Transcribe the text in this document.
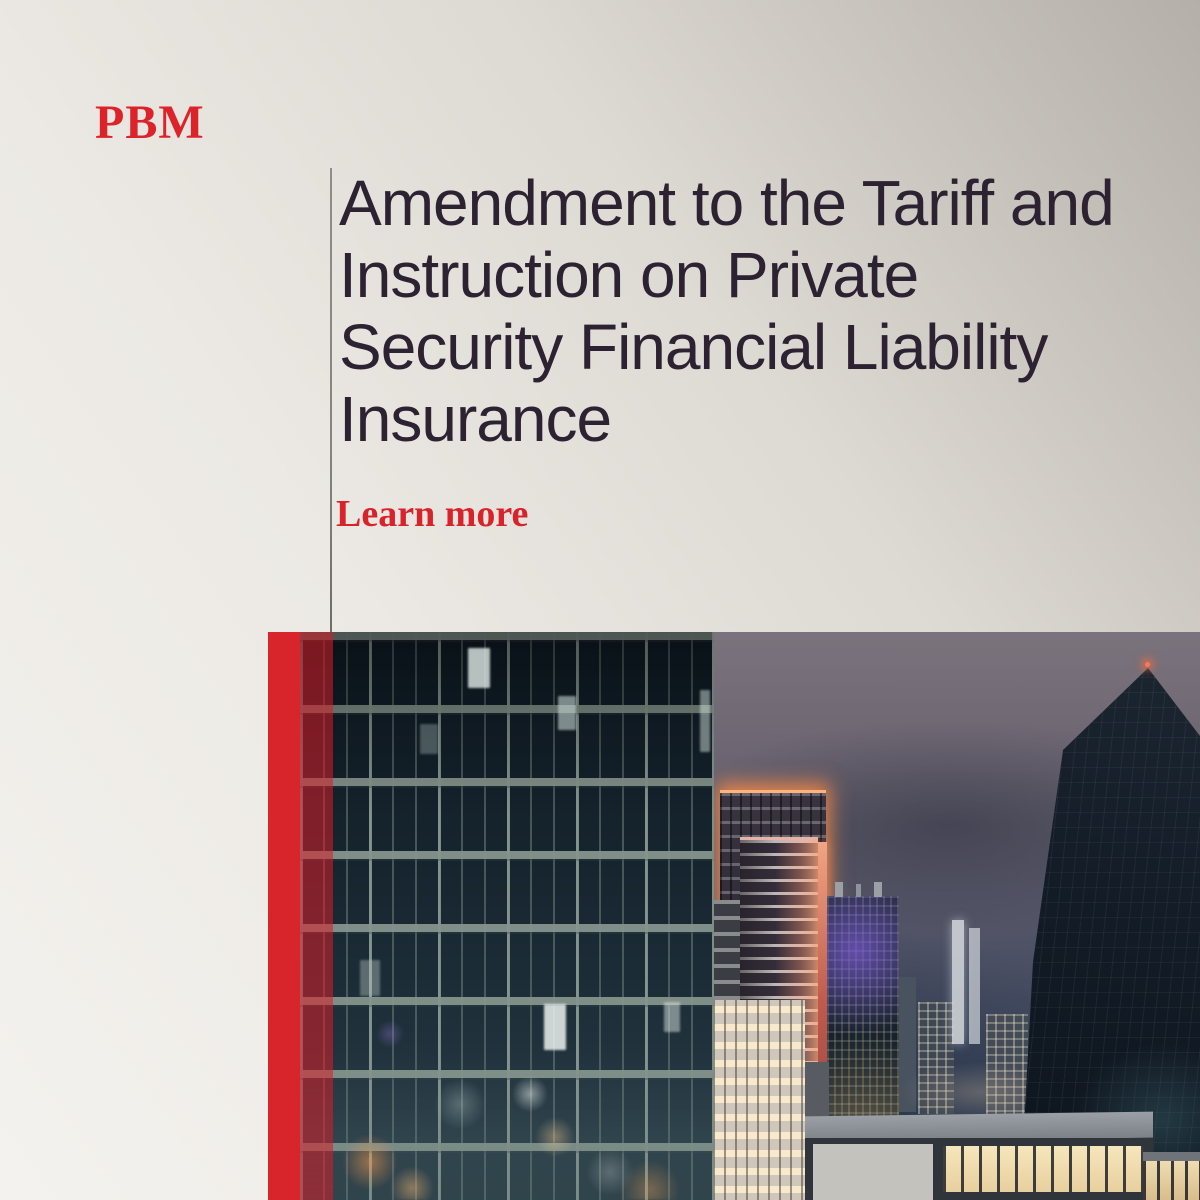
PBM
Amendment to the Tariff and
Instruction on Private
Security Financial Liability
Insurance
Learn more
